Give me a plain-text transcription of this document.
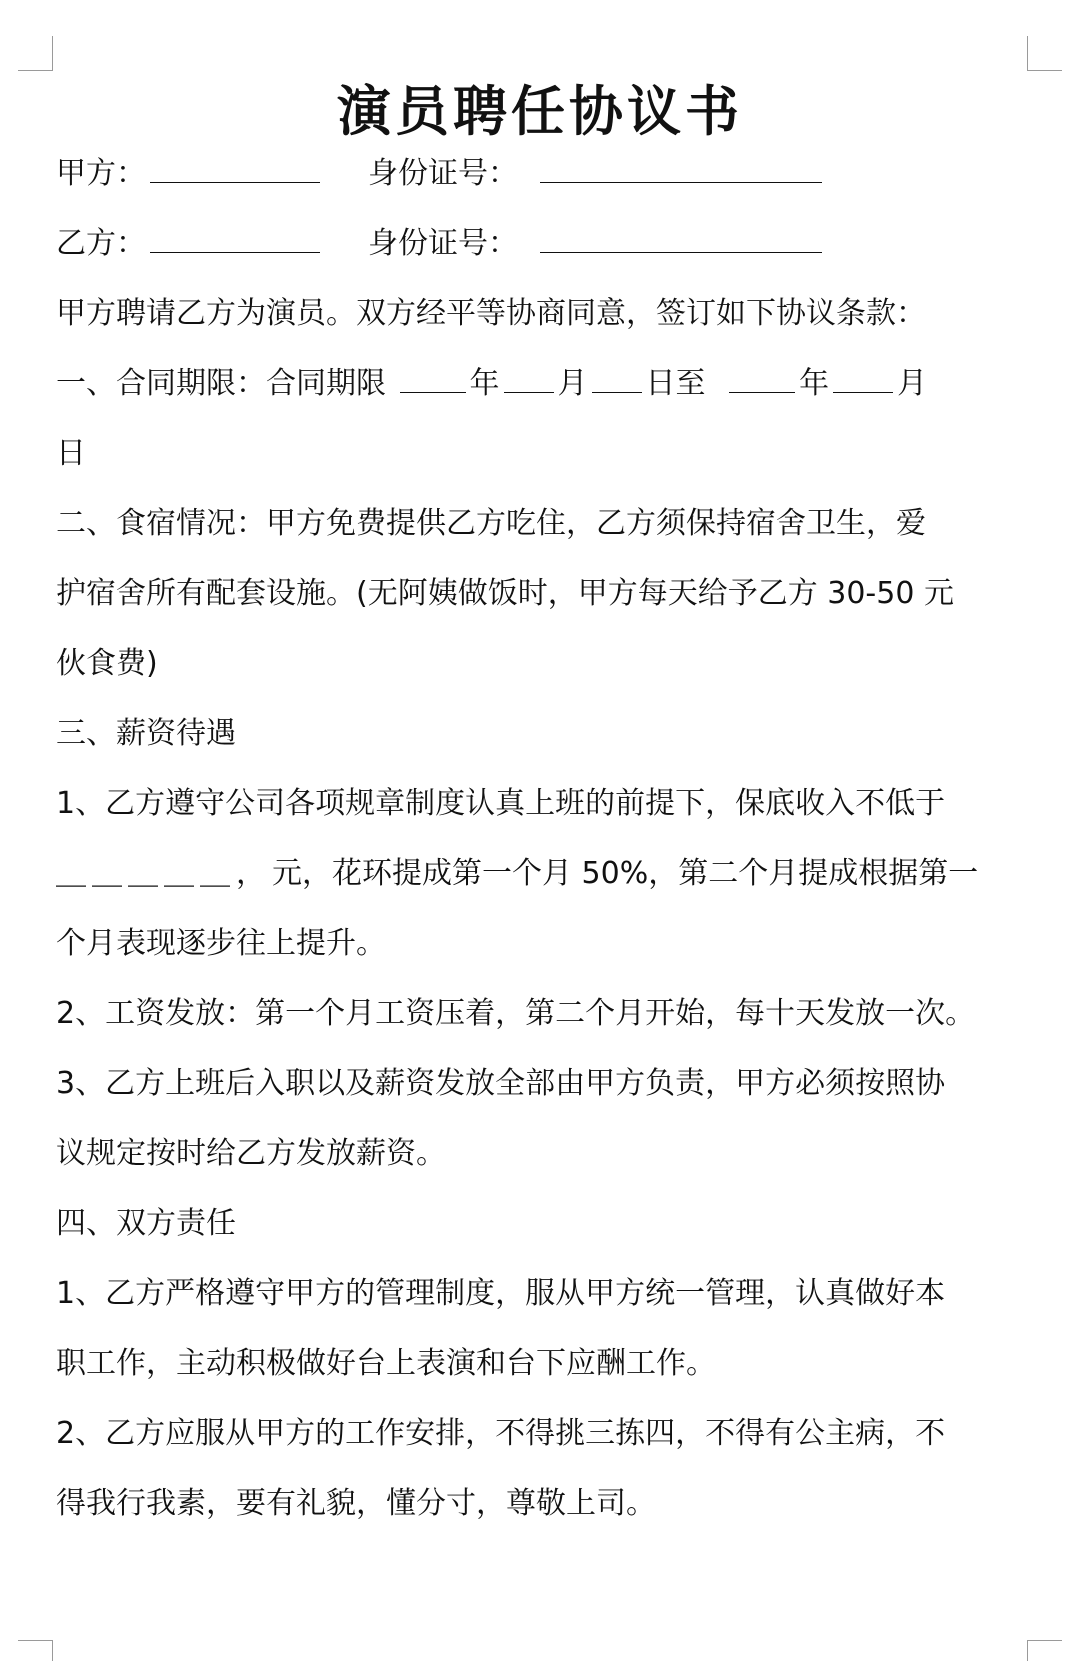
演员聘任协议书
甲方：	身份证号：
乙方：	身份证号：
甲方聘请乙方为演员。双方经平等协商同意，签订如下协议条款：
一、合同期限：合同期限	年 月 日至	年 月
日
二、食宿情况：甲方免费提供乙方吃住，乙方须保持宿舍卫生，爱
护宿舍所有配套设施。(无阿姨做饭时，甲方每天给予乙方 30-50 元
伙食费)
三、薪资待遇
1、乙方遵守公司各项规章制度认真上班的前提下，保底收入不低于
＿＿＿＿＿，元，花环提成第一个月 50%，第二个月提成根据第一
个月表现逐步往上提升。
2、工资发放：第一个月工资压着，第二个月开始，每十天发放一次。
3、乙方上班后入职以及薪资发放全部由甲方负责，甲方必须按照协
议规定按时给乙方发放薪资。
四、双方责任
1、乙方严格遵守甲方的管理制度，服从甲方统一管理，认真做好本
职工作，主动积极做好台上表演和台下应酬工作。
2、乙方应服从甲方的工作安排，不得挑三拣四，不得有公主病，不
得我行我素，要有礼貌，懂分寸，尊敬上司。
